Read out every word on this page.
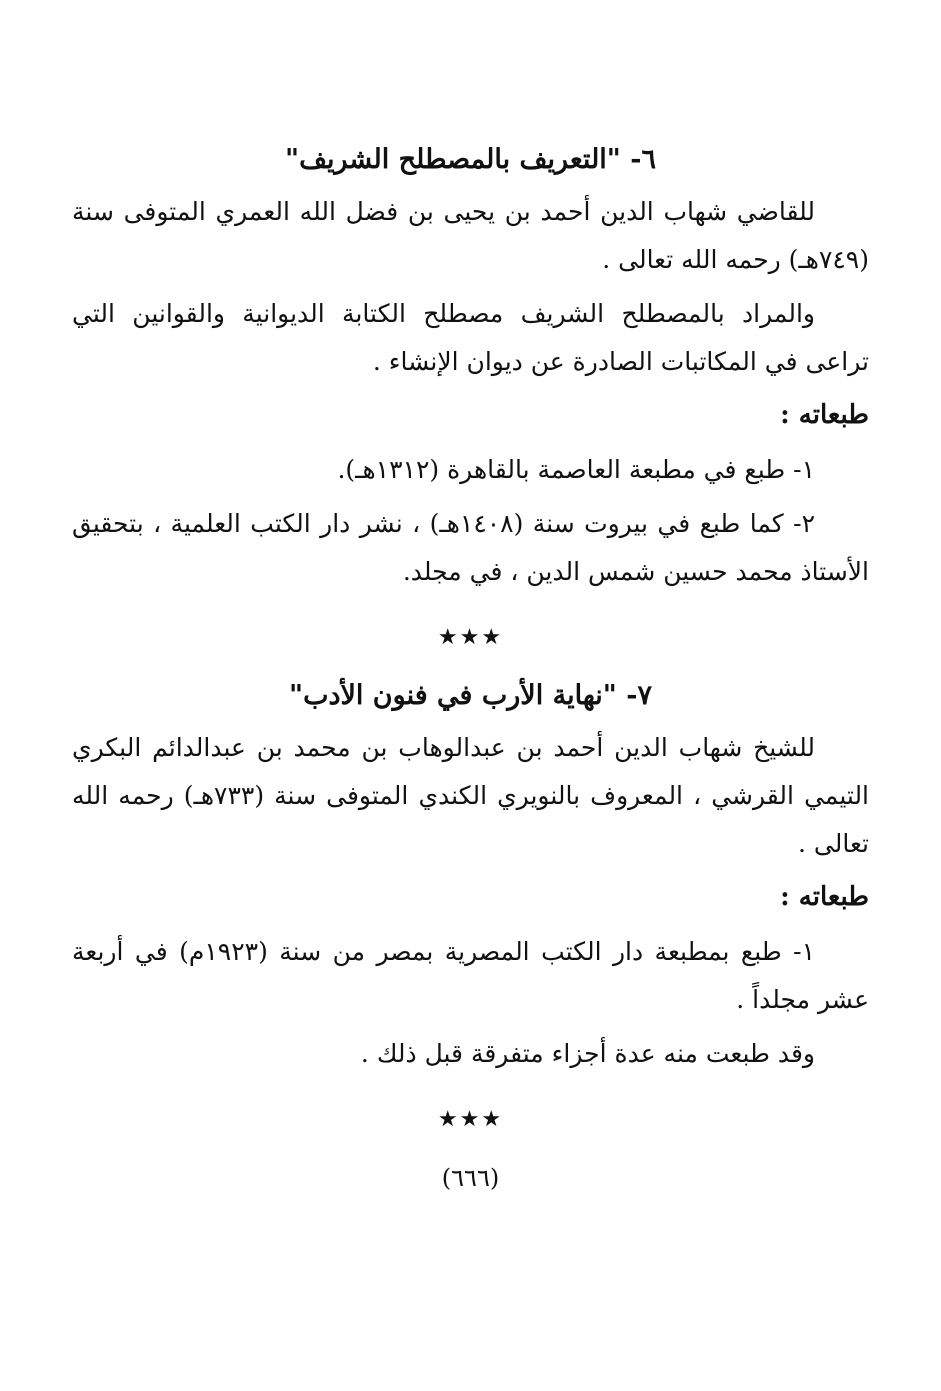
٦- "التعريف بالمصطلح الشريف"

للقاضي شهاب الدين أحمد بن يحيى بن فضل الله العمري المتوفى سنة (٧٤٩هـ) رحمه الله تعالى .

والمراد بالمصطلح الشريف مصطلح الكتابة الديوانية والقوانين التي تراعى في المكاتبات الصادرة عن ديوان الإنشاء .

طبعاته :

١- طبع في مطبعة العاصمة بالقاهرة (١٣١٢هـ).

٢- كما طبع في بيروت سنة (١٤٠٨هـ) ، نشر دار الكتب العلمية ، بتحقيق الأستاذ محمد حسين شمس الدين ، في مجلد.

★★★
٧- "نهاية الأرب في فنون الأدب"

للشيخ شهاب الدين أحمد بن عبدالوهاب بن محمد بن عبدالدائم البكري التيمي القرشي ، المعروف بالنويري الكندي المتوفى سنة (٧٣٣هـ) رحمه الله تعالى .

طبعاته :

١- طبع بمطبعة دار الكتب المصرية بمصر من سنة (١٩٢٣م) في أربعة عشر مجلداً .

وقد طبعت منه عدة أجزاء متفرقة قبل ذلك .

★★★
(٦٦٦)
